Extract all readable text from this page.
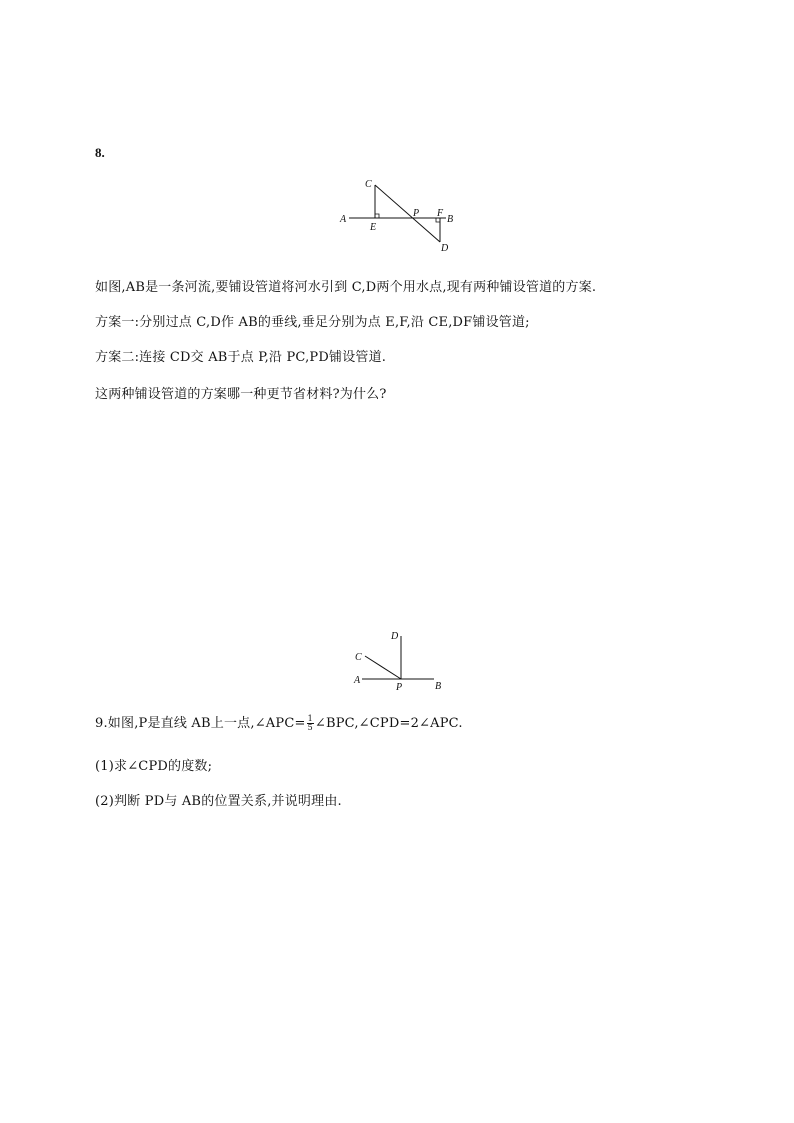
8.
A	B
C
D
E
F
P
A
B
C
D
P
如图,AB是一条河流,要铺设管道将河水引到 C,D两个用水点,现有两种铺设管道的方案.
方案一:分别过点 C,D作 AB的垂线,垂足分别为点 E,F,沿 CE,DF铺设管道;
方案二:连接 CD交 AB于点 P,沿 PC,PD铺设管道.
这两种铺设管道的方案哪一种更节省材料?为什么?
9.如图,P是直线 AB上一点,∠APC= $\frac{1}{5}$ ∠BPC,∠CPD=2∠APC.
(1)求∠CPD的度数;
(2)判断 PD与 AB的位置关系,并说明理由.
